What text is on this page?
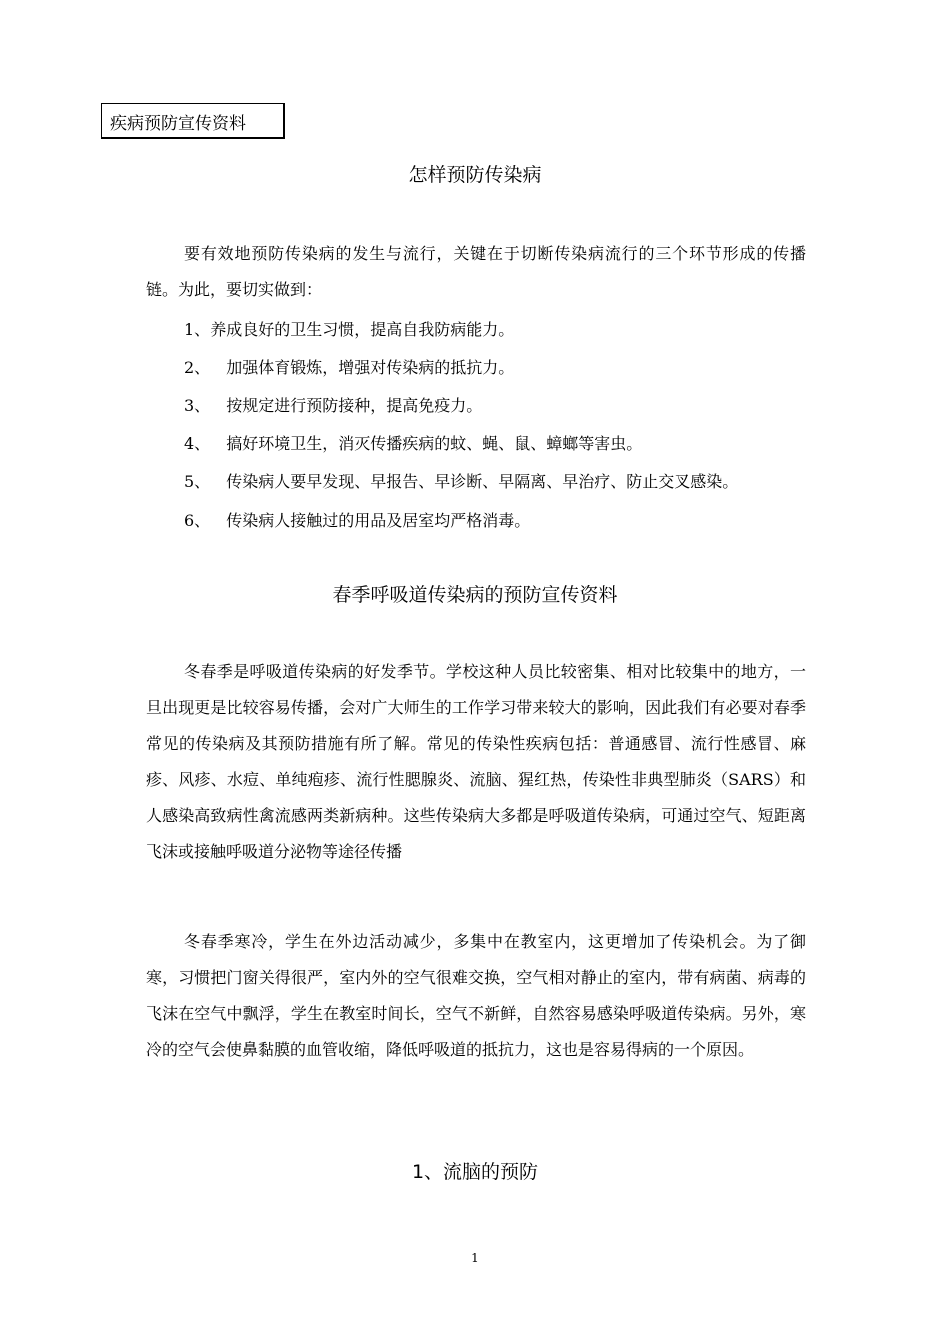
疾病预防宣传资料
怎样预防传染病
要有效地预防传染病的发生与流行，关键在于切断传染病流行的三个环节形成的传播链。为此，要切实做到：
1、养成良好的卫生习惯，提高自我防病能力。
2、 加强体育锻炼，增强对传染病的抵抗力。
3、 按规定进行预防接种，提高免疫力。
4、 搞好环境卫生，消灭传播疾病的蚊、蝇、鼠、蟑螂等害虫。
5、 传染病人要早发现、早报告、早诊断、早隔离、早治疗、防止交叉感染。
6、 传染病人接触过的用品及居室均严格消毒。
春季呼吸道传染病的预防宣传资料
冬春季是呼吸道传染病的好发季节。学校这种人员比较密集、相对比较集中的地方，一旦出现更是比较容易传播，会对广大师生的工作学习带来较大的影响，因此我们有必要对春季常见的传染病及其预防措施有所了解。常见的传染性疾病包括：普通感冒、流行性感冒、麻疹、风疹、水痘、单纯疱疹、流行性腮腺炎、流脑、猩红热，传染性非典型肺炎（SARS）和人感染高致病性禽流感两类新病种。这些传染病大多都是呼吸道传染病，可通过空气、短距离飞沫或接触呼吸道分泌物等途径传播
冬春季寒冷，学生在外边活动减少，多集中在教室内，这更增加了传染机会。为了御寒，习惯把门窗关得很严，室内外的空气很难交换，空气相对静止的室内，带有病菌、病毒的飞沫在空气中飘浮，学生在教室时间长，空气不新鲜，自然容易感染呼吸道传染病。另外，寒冷的空气会使鼻黏膜的血管收缩，降低呼吸道的抵抗力，这也是容易得病的一个原因。
1、流脑的预防
1
